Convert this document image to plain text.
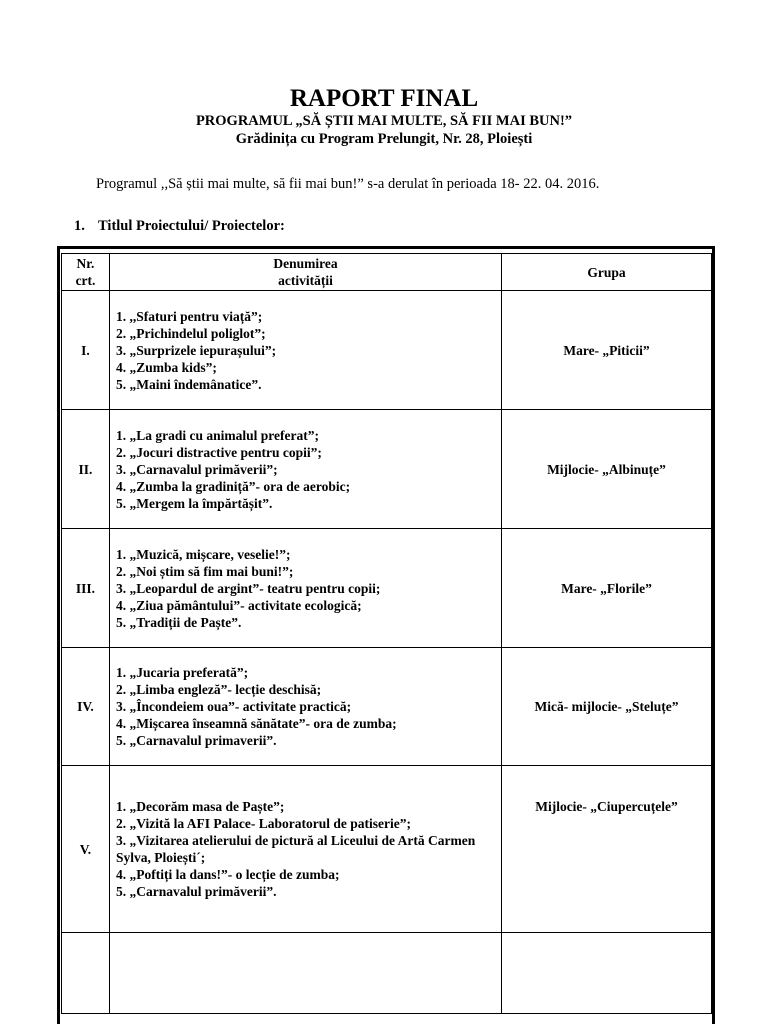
RAPORT FINAL
PROGRAMUL „SĂ ȘTII MAI MULTE, SĂ FII MAI BUN!”
Grădinița cu Program Prelungit, Nr. 28, Ploiești
Programul ,,Să știi mai multe, să fii mai bun!” s-a derulat în perioada 18- 22. 04. 2016.
1. Titlul Proiectului/ Proiectelor:
Nr.
crt.	Denumirea
activității	Grupa
I.	1. ,,Sfaturi pentru viață”;
2. „Prichindelul poliglot”;
3. „Surprizele iepurașului”;
4. „Zumba kids”;
5. „Maini îndemânatice”.	Mare- „Piticii”
II.	1. „La gradi cu animalul preferat”;
2. „Jocuri distractive pentru copii”;
3. „Carnavalul primăverii”;
4. „Zumba la gradiniță”- ora de aerobic;
5. „Mergem la împărtășit”.	Mijlocie- „Albinuțe”
III.	1. „Muzică, mișcare, veselie!”;
2. „Noi știm să fim mai buni!”;
3. „Leopardul de argint”- teatru pentru copii;
4. „Ziua pământului”- activitate ecologică;
5. „Tradiții de Paște”.	Mare- „Florile”
IV.	1. „Jucaria preferată”;
2. „Limba engleză”- lecție deschisă;
3. „Încondeiem oua”- activitate practică;
4. „Mișcarea înseamnă sănătate”- ora de zumba;
5. „Carnavalul primaverii”.	Mică- mijlocie- „Steluțe”
V.	1. „Decorăm masa de Paște”;
2. „Vizită la AFI Palace- Laboratorul de patiserie”;
3. „Vizitarea atelierului de pictură al Liceului de Artă Carmen Sylva, Ploiești´;
4. „Poftiți la dans!”- o lecție de zumba;
5. „Carnavalul primăverii”.	Mijlocie- „Ciupercuțele”
